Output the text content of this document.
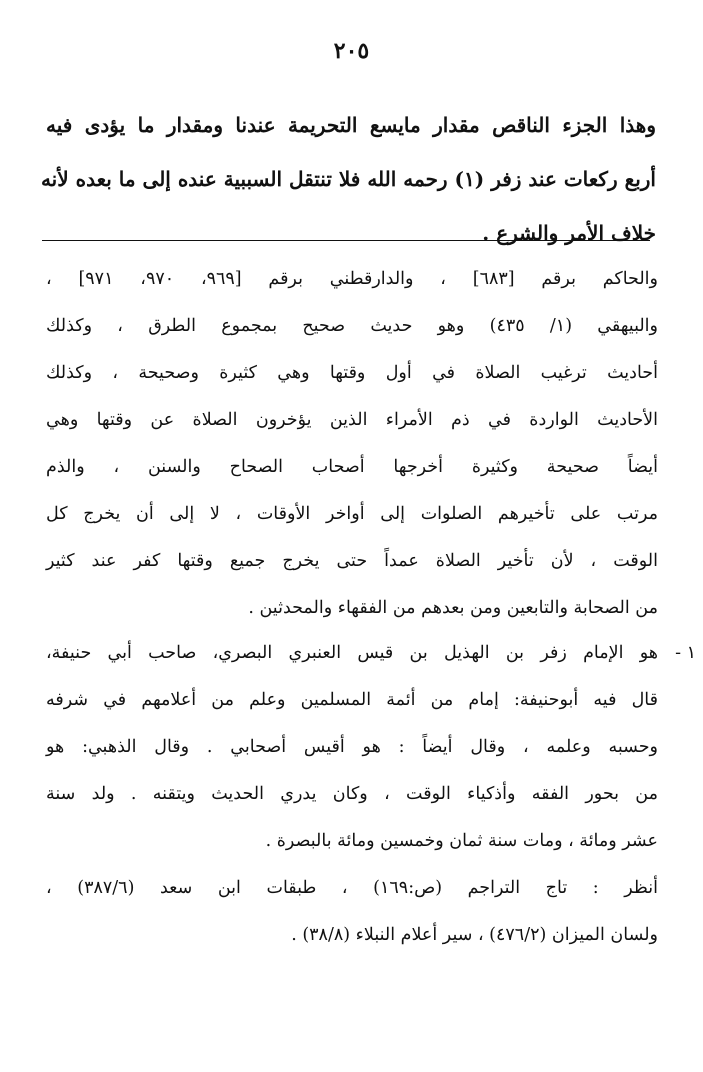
٢٠٥
وهذا الجزء الناقص مقدار مايسع التحريمة عندنا ومقدار ما يؤدى فيه
أربع ركعات عند زفر (١) رحمه الله فلا تنتقل السببية عنده إلى ما بعده لأنه
خلاف الأمر والشرع .
والحاكم برقم [٦٨٣] ، والدارقطني برقم [٩٦٩، ٩٧٠، ٩٧١] ،
والبيهقي (١/ ٤٣٥) وهو حديث صحيح بمجموع الطرق ، وكذلك
أحاديث ترغيب الصلاة في أول وقتها وهي كثيرة وصحيحة ، وكذلك
الأحاديث الواردة في ذم الأمراء الذين يؤخرون الصلاة عن وقتها وهي
أيضاً صحيحة وكثيرة أخرجها أصحاب الصحاح والسنن ، والذم
مرتب على تأخيرهم الصلوات إلى أواخر الأوقات ، لا إلى أن يخرج كل
الوقت ، لأن تأخير الصلاة عمداً حتى يخرج جميع وقتها كفر عند كثير
من الصحابة والتابعين ومن بعدهم من الفقهاء والمحدثين .
١ -
هو الإمام زفر بن الهذيل بن قيس العنبري البصري، صاحب أبي حنيفة،
قال فيه أبوحنيفة: إمام من أئمة المسلمين وعلم من أعلامهم في شرفه
وحسبه وعلمه ، وقال أيضاً : هو أقيس أصحابي . وقال الذهبي: هو
من بحور الفقه وأذكياء الوقت ، وكان يدري الحديث ويتقنه . ولد سنة
عشر ومائة ، ومات سنة ثمان وخمسين ومائة بالبصرة .
أنظر : تاج التراجم (ص:١٦٩) ، طبقات ابن سعد (٣٨٧/٦) ،
ولسان الميزان (٤٧٦/٢) ، سير أعلام النبلاء (٣٨/٨) .
